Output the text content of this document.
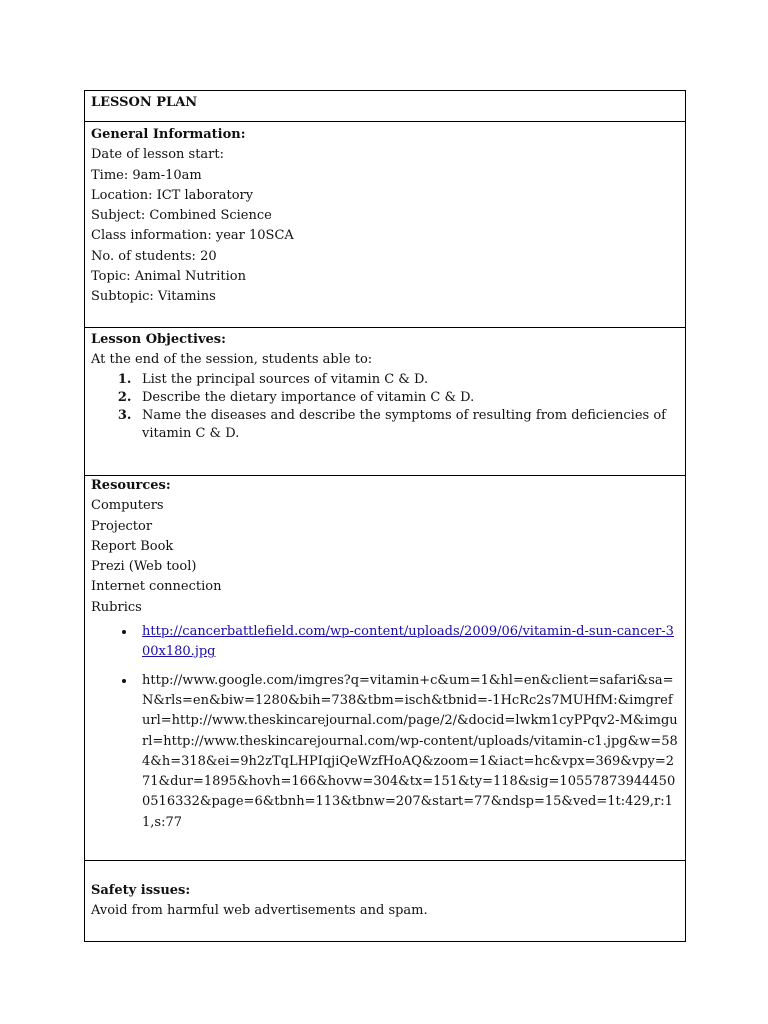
LESSON PLAN

General Information:
Date of lesson start:
Time: 9am-10am
Location: ICT laboratory
Subject: Combined Science
Class information: year 10SCA
No. of students: 20
Topic: Animal Nutrition
Subtopic: Vitamins

Lesson Objectives:
At the end of the session, students able to:
1. List the principal sources of vitamin C & D.
2. Describe the dietary importance of vitamin C & D.
3. Name the diseases and describe the symptoms of resulting from deficiencies of vitamin C & D.

Resources:
Computers
Projector
Report Book
Prezi (Web tool)
Internet connection
Rubrics
• http://cancerbattlefield.com/wp-content/uploads/2009/06/vitamin-d-sun-cancer-300x180.jpg
• http://www.google.com/imgres?q=vitamin+c&um=1&hl=en&client=safari&sa=N&rls=en&biw=1280&bih=738&tbm=isch&tbnid=-1HcRc2s7MUHfM:&imgrefurl=http://www.theskincarejournal.com/page/2/&docid=lwkm1cyPPqv2-M&imgurl=http://www.theskincarejournal.com/wp-content/uploads/vitamin-c1.jpg&w=584&h=318&ei=9h2zTqLHPIqjiQeWzfHoAQ&zoom=1&iact=hc&vpx=369&vpy=271&dur=1895&hovh=166&hovw=304&tx=151&ty=118&sig=105578739444500516332&page=6&tbnh=113&tbnw=207&start=77&ndsp=15&ved=1t:429,r:11,s:77

Safety issues:
Avoid from harmful web advertisements and spam.
